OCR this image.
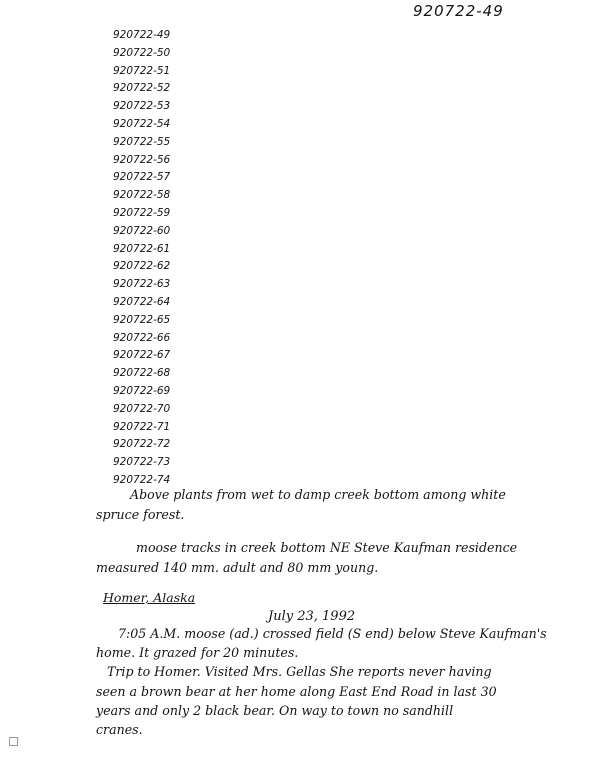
920722-49
920722-49
920722-50
920722-51
920722-52
920722-53
920722-54
920722-55
920722-56
920722-57
920722-58
920722-59
920722-60
920722-61
920722-62
920722-63
920722-64
920722-65
920722-66
920722-67
920722-68
920722-69
920722-70
920722-71
920722-72
920722-73
920722-74
Above plants from wet to damp creek bottom among white
spruce forest.
moose tracks in creek bottom NE Steve Kaufman residence
measured 140 mm. adult and 80 mm young.
Homer, Alaska
July 23, 1992
7:05 A.M. moose (ad.) crossed field (S end) below Steve Kaufman's
home. It grazed for 20 minutes.
Trip to Homer. Visited Mrs. Gellas She reports never having
seen a brown bear at her home along East End Road in last 30
years and only 2 black bear. On way to town no sandhill
cranes.
